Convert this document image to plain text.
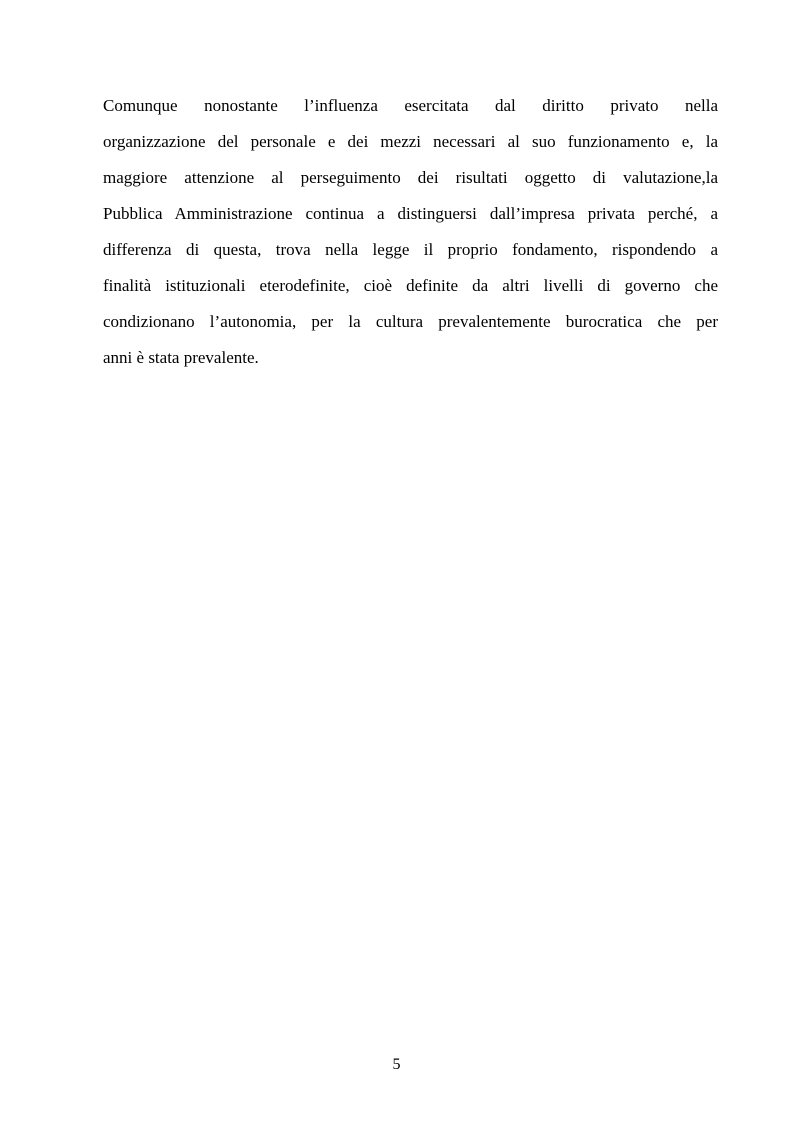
Comunque nonostante l’influenza esercitata dal diritto privato nella
organizzazione del personale e dei mezzi necessari al suo funzionamento e, la
maggiore attenzione al perseguimento dei risultati oggetto di valutazione,la
Pubblica Amministrazione continua a distinguersi dall’impresa privata perché, a
differenza di questa, trova nella legge il proprio fondamento, rispondendo a
finalità istituzionali eterodefinite, cioè definite da altri livelli di governo che
condizionano l’autonomia, per la cultura prevalentemente burocratica che per
anni è stata prevalente.

5
